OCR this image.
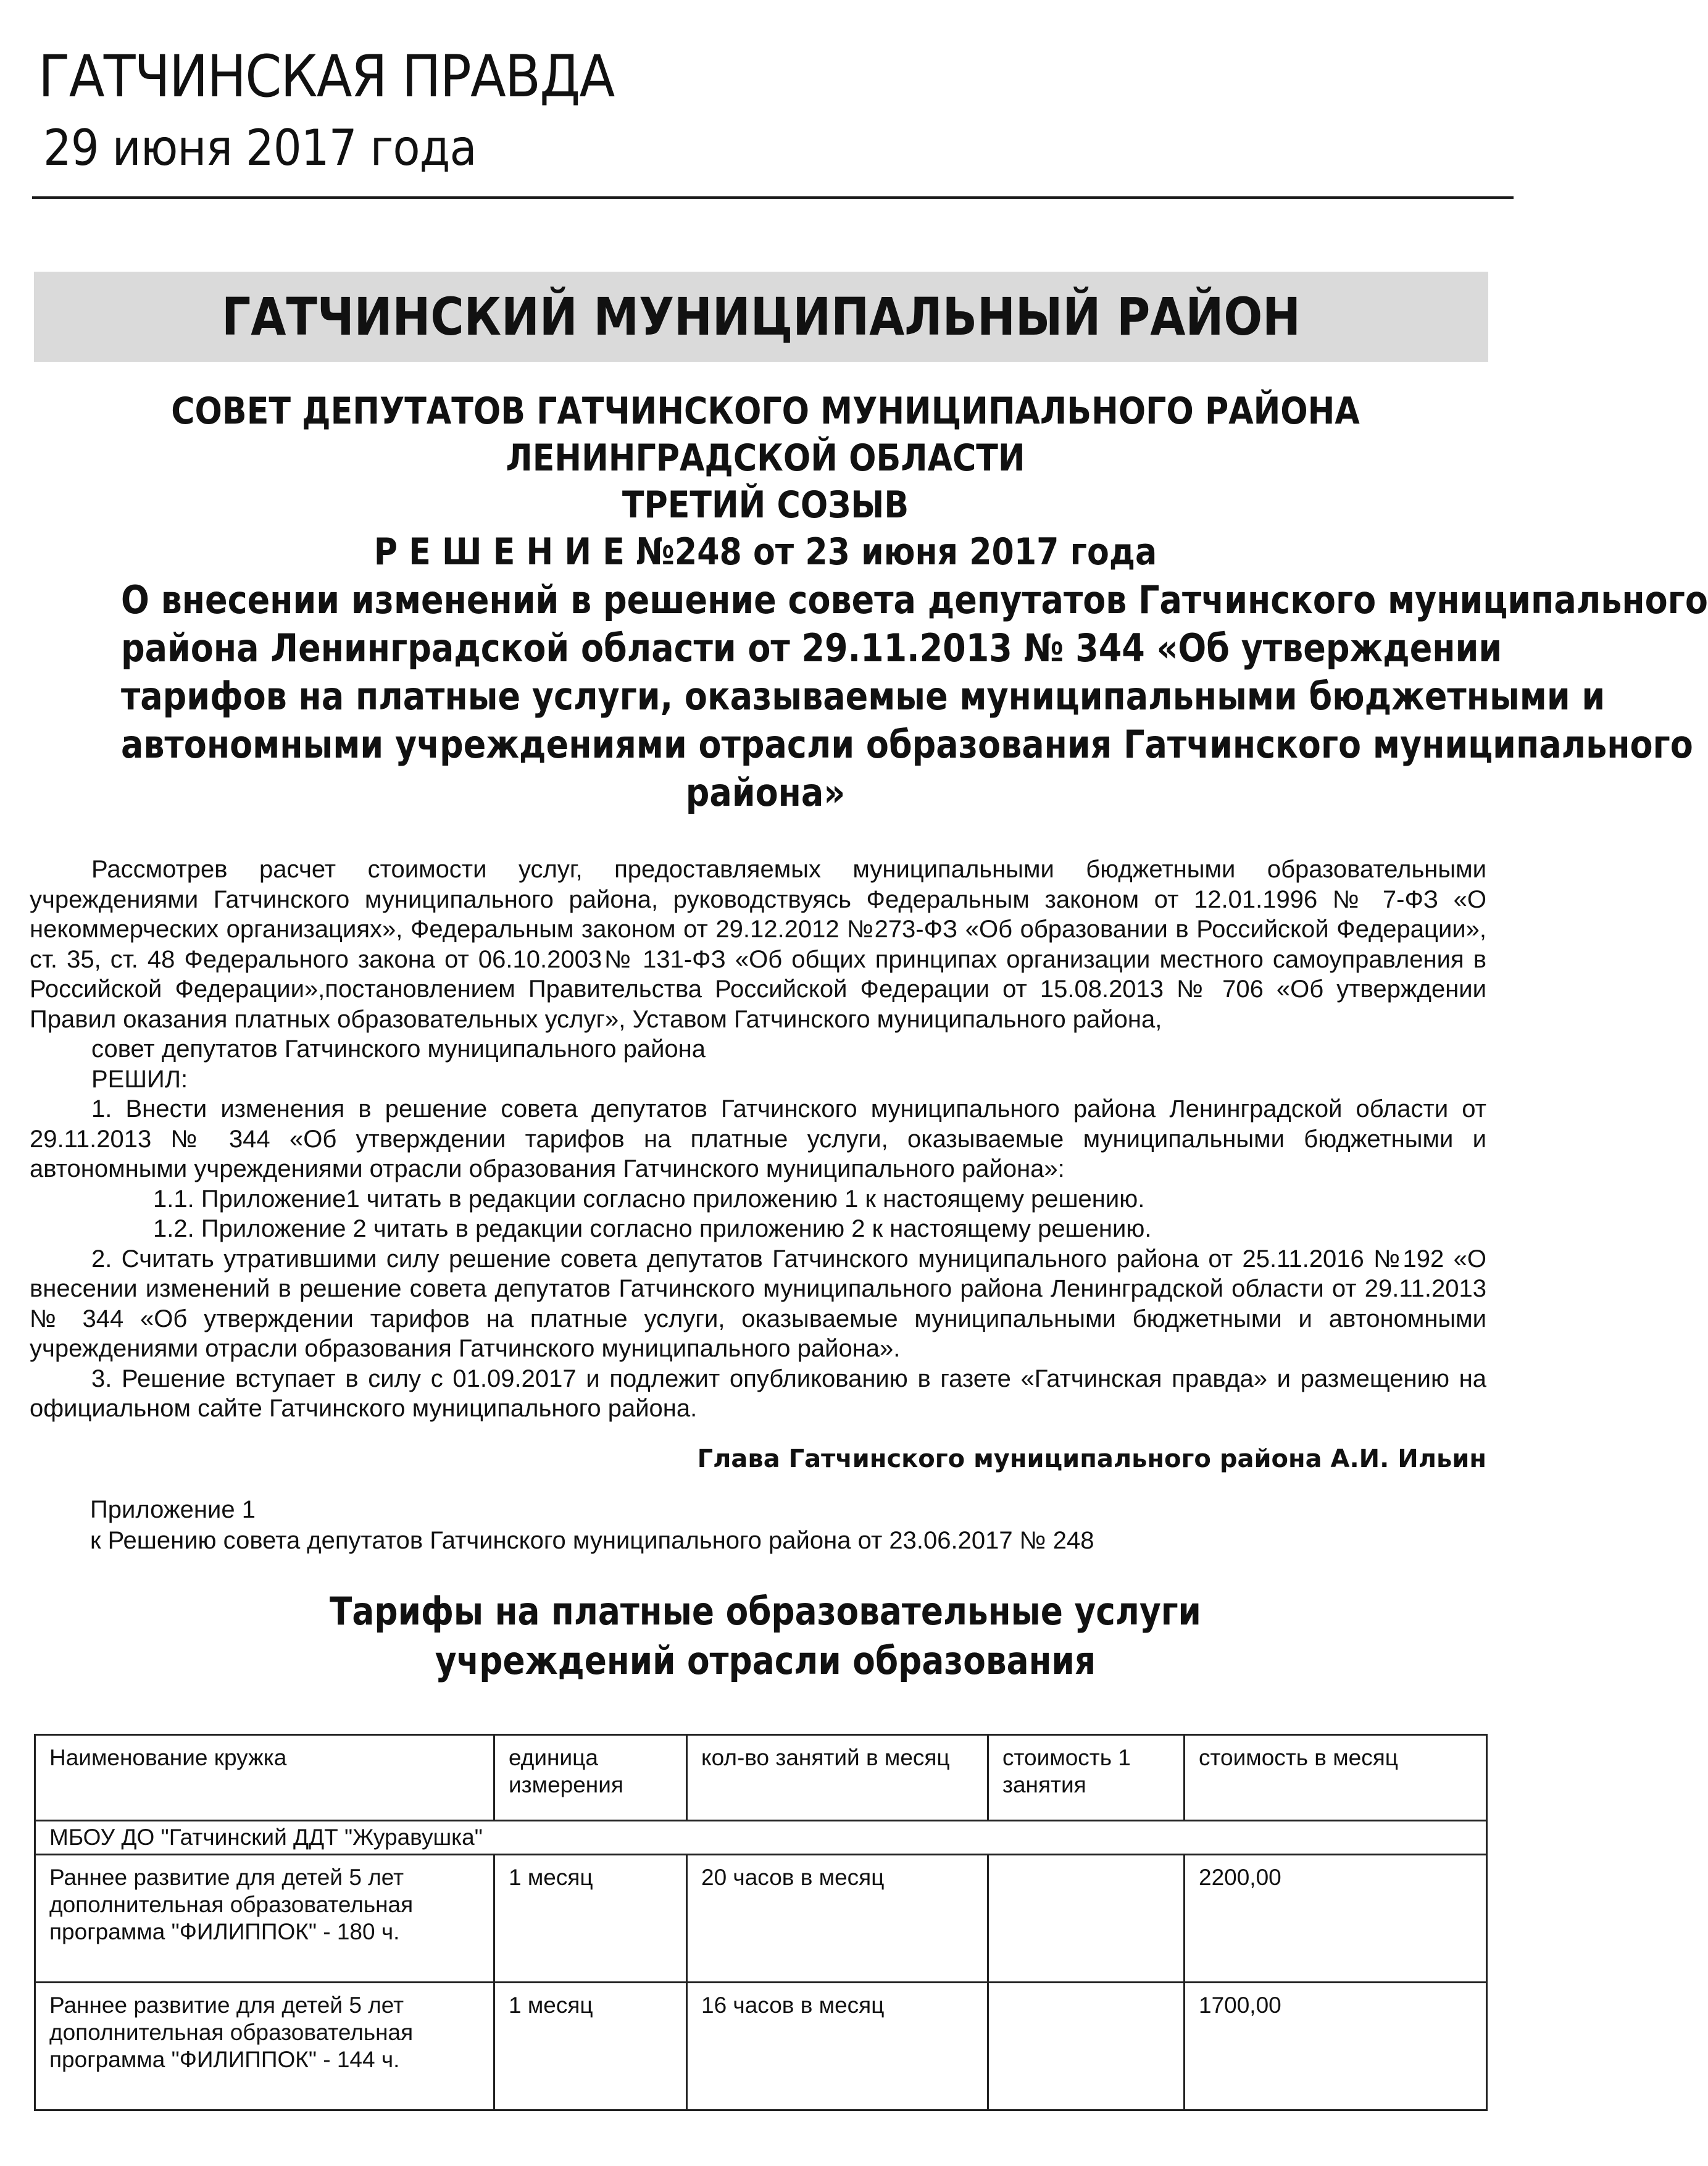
ГАТЧИНСКАЯ ПРАВДА
29 июня 2017 года
ГАТЧИНСКИЙ МУНИЦИПАЛЬНЫЙ РАЙОН
СОВЕТ ДЕПУТАТОВ ГАТЧИНСКОГО МУНИЦИПАЛЬНОГО РАЙОНА
ЛЕНИНГРАДСКОЙ ОБЛАСТИ
ТРЕТИЙ СОЗЫВ
Р Е Ш Е Н И Е №248 от 23 июня 2017 года
О внесении изменений в решение совета депутатов Гатчинского муниципального
района Ленинградской области от 29.11.2013 № 344 «Об утверждении
тарифов на платные услуги, оказываемые муниципальными бюджетными и
автономными учреждениями отрасли образования Гатчинского муниципального
района»

Рассмотрев расчет стоимости услуг, предоставляемых муниципальными бюджетными образовательными учреждениями Гатчинского муниципального района, руководствуясь Федеральным законом от 12.01.1996 № 7-ФЗ «О некоммерческих организациях», Федеральным законом от 29.12.2012 №273-ФЗ «Об образовании в Российской Федерации», ст. 35, ст. 48 Федерального закона от 06.10.2003№ 131-ФЗ «Об общих принципах организации местного самоуправления в Российской Федерации»,постановлением Правительства Российской Федерации от 15.08.2013 № 706 «Об утверждении Правил оказания платных образовательных услуг», Уставом Гатчинского муниципального района,

совет депутатов Гатчинского муниципального района

РЕШИЛ:

1. Внести изменения в решение совета депутатов Гатчинского муниципального района Ленинградской области от 29.11.2013 № 344 «Об утверждении тарифов на платные услуги, оказываемые муниципальными бюджетными и автономными учреждениями отрасли образования Гатчинского муниципального района»:

1.1. Приложение1 читать в редакции согласно приложению 1 к настоящему решению.

1.2. Приложение 2 читать в редакции согласно приложению 2 к настоящему решению.

2. Считать утратившими силу решение совета депутатов Гатчинского муниципального района от 25.11.2016 №192 «О внесении изменений в решение совета депутатов Гатчинского муниципального района Ленинградской области от 29.11.2013 № 344 «Об утверждении тарифов на платные услуги, оказываемые муниципальными бюджетными и автономными учреждениями отрасли образования Гатчинского муниципального района».

3. Решение вступает в силу с 01.09.2017 и подлежит опубликованию в газете «Гатчинская правда» и размещению на официальном сайте Гатчинского муниципального района.

Глава Гатчинского муниципального района А.И. Ильин

Приложение 1

к Решению совета депутатов Гатчинского муниципального района от 23.06.2017 № 248

Тарифы на платные образовательные услуги
учреждений отрасли образования
Наименование кружка	единица измерения	кол-во занятий в месяц	стоимость 1 занятия	стоимость в месяц
МБОУ ДО "Гатчинский ДДТ "Журавушка"				
Раннее развитие для детей 5 лет дополнительная образовательная программа "ФИЛИППОК" - 180 ч.	1 месяц	20 часов в месяц		2200,00
Раннее развитие для детей 5 лет дополнительная образовательная программа "ФИЛИППОК" - 144 ч.	1 месяц	16 часов в месяц		1700,00
